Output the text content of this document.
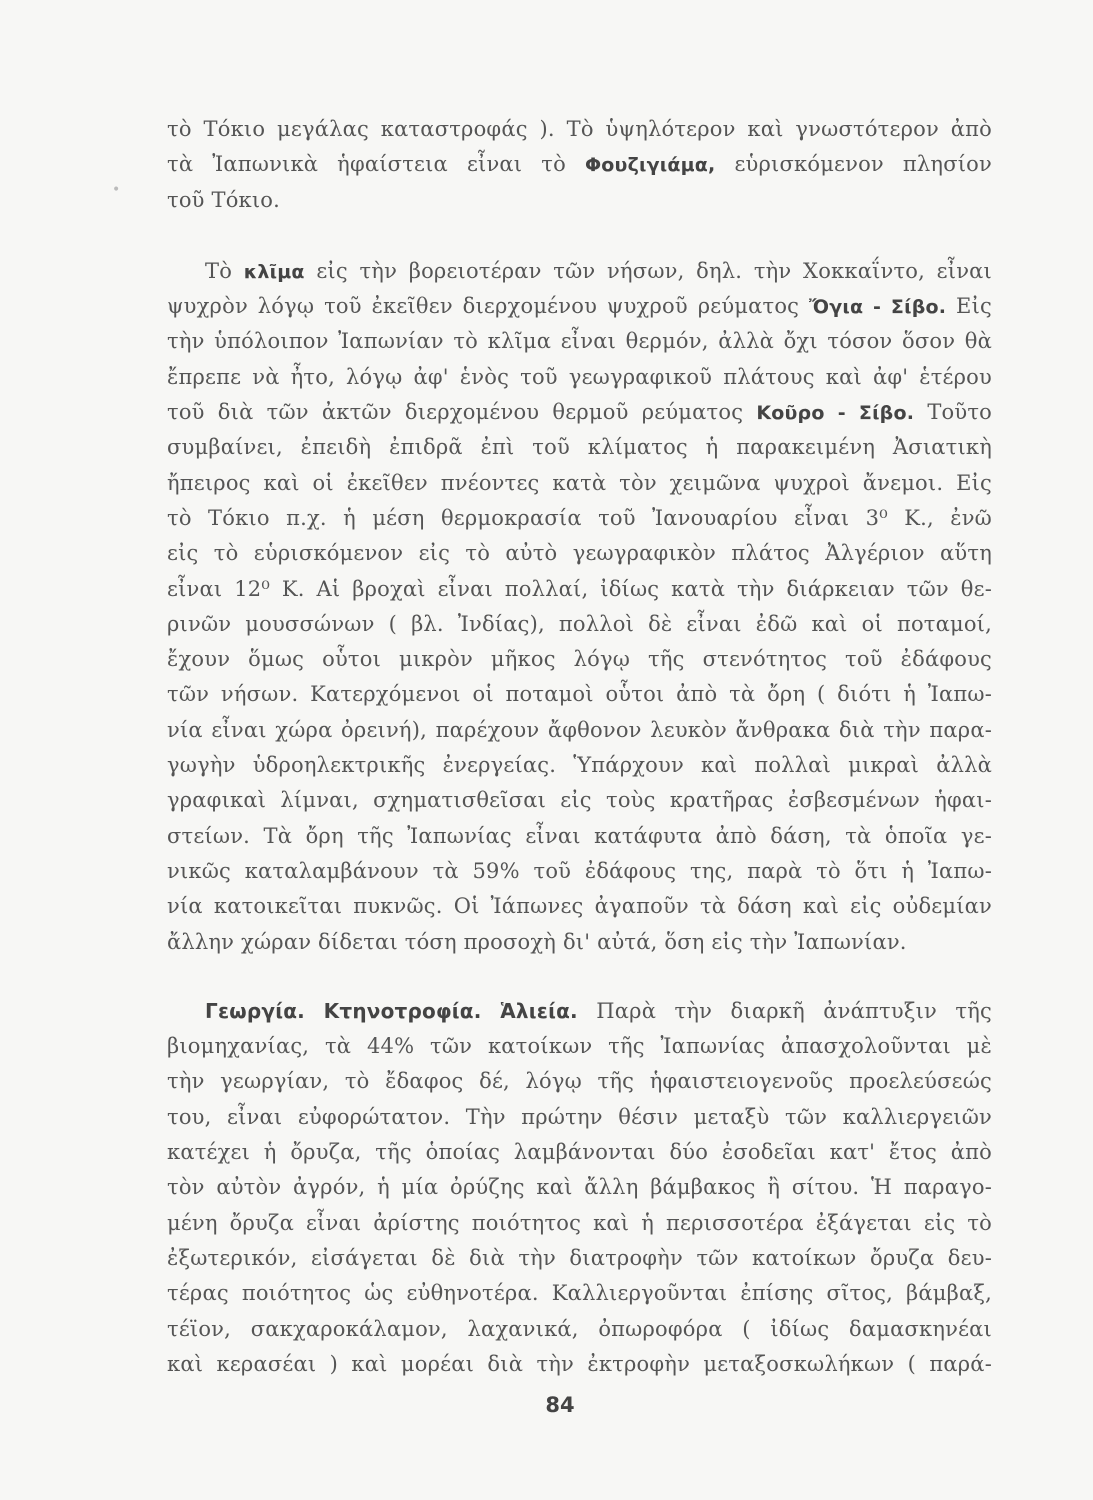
τὸ Τόκιο μεγάλας καταστροφάς ). Τὸ ὑψηλότερον καὶ γνωστότερον ἀπὸ
τὰ Ἰαπωνικὰ ἡφαίστεια εἶναι τὸ Φουζιγιάμα, εὑρισκόμενον πλησίον
τοῦ Τόκιο.
Τὸ κλῖμα εἰς τὴν βορειοτέραν τῶν νήσων, δηλ. τὴν Χοκκαΐντο, εἶναι
ψυχρὸν λόγῳ τοῦ ἐκεῖθεν διερχομένου ψυχροῦ ρεύματος Ὄγια - Σίβο. Εἰς
τὴν ὑπόλοιπον Ἰαπωνίαν τὸ κλῖμα εἶναι θερμόν, ἀλλὰ ὄχι τόσον ὅσον θὰ
ἔπρεπε νὰ ἦτο, λόγῳ ἀφ' ἑνὸς τοῦ γεωγραφικοῦ πλάτους καὶ ἀφ' ἑτέρου
τοῦ διὰ τῶν ἀκτῶν διερχομένου θερμοῦ ρεύματος Κοῦρο - Σίβο. Τοῦτο
συμβαίνει, ἐπειδὴ ἐπιδρᾶ ἐπὶ τοῦ κλίματος ἡ παρακειμένη Ἀσιατικὴ
ἤπειρος καὶ οἱ ἐκεῖθεν πνέοντες κατὰ τὸν χειμῶνα ψυχροὶ ἄνεμοι. Εἰς
τὸ Τόκιο π.χ. ἡ μέση θερμοκρασία τοῦ Ἰανουαρίου εἶναι 3⁰ Κ., ἐνῶ
εἰς τὸ εὑρισκόμενον εἰς τὸ αὐτὸ γεωγραφικὸν πλάτος Ἀλγέριον αὕτη
εἶναι 12⁰ Κ. Αἱ βροχαὶ εἶναι πολλαί, ἰδίως κατὰ τὴν διάρκειαν τῶν θε-
ρινῶν μουσσώνων ( βλ. Ἰνδίας), πολλοὶ δὲ εἶναι ἐδῶ καὶ οἱ ποταμοί,
ἔχουν ὅμως οὗτοι μικρὸν μῆκος λόγῳ τῆς στενότητος τοῦ ἐδάφους
τῶν νήσων. Κατερχόμενοι οἱ ποταμοὶ οὗτοι ἀπὸ τὰ ὄρη ( διότι ἡ Ἰαπω-
νία εἶναι χώρα ὀρεινή), παρέχουν ἄφθονον λευκὸν ἄνθρακα διὰ τὴν παρα-
γωγὴν ὑδροηλεκτρικῆς ἐνεργείας. Ὑπάρχουν καὶ πολλαὶ μικραὶ ἀλλὰ
γραφικαὶ λίμναι, σχηματισθεῖσαι εἰς τοὺς κρατῆρας ἐσβεσμένων ἡφαι-
στείων. Τὰ ὄρη τῆς Ἰαπωνίας εἶναι κατάφυτα ἀπὸ δάση, τὰ ὁποῖα γε-
νικῶς καταλαμβάνουν τὰ 59% τοῦ ἐδάφους της, παρὰ τὸ ὅτι ἡ Ἰαπω-
νία κατοικεῖται πυκνῶς. Οἱ Ἰάπωνες ἀγαποῦν τὰ δάση καὶ εἰς οὐδεμίαν
ἄλλην χώραν δίδεται τόση προσοχὴ δι' αὐτά, ὅση εἰς τὴν Ἰαπωνίαν.
Γεωργία. Κτηνοτροφία. Ἁλιεία. Παρὰ τὴν διαρκῆ ἀνάπτυξιν τῆς
βιομηχανίας, τὰ 44% τῶν κατοίκων τῆς Ἰαπωνίας ἀπασχολοῦνται μὲ
τὴν γεωργίαν, τὸ ἔδαφος δέ, λόγῳ τῆς ἡφαιστειογενοῦς προελεύσεώς
του, εἶναι εὐφορώτατον. Τὴν πρώτην θέσιν μεταξὺ τῶν καλλιεργειῶν
κατέχει ἡ ὄρυζα, τῆς ὁποίας λαμβάνονται δύο ἐσοδεῖαι κατ' ἔτος ἀπὸ
τὸν αὐτὸν ἀγρόν, ἡ μία ὀρύζης καὶ ἄλλη βάμβακος ἢ σίτου. Ἡ παραγο-
μένη ὄρυζα εἶναι ἀρίστης ποιότητος καὶ ἡ περισσοτέρα ἐξάγεται εἰς τὸ
ἐξωτερικόν, εἰσάγεται δὲ διὰ τὴν διατροφὴν τῶν κατοίκων ὄρυζα δευ-
τέρας ποιότητος ὡς εὐθηνοτέρα. Καλλιεργοῦνται ἐπίσης σῖτος, βάμβαξ,
τέϊον, σακχαροκάλαμον, λαχανικά, ὀπωροφόρα ( ἰδίως δαμασκηνέαι
καὶ κερασέαι ) καὶ μορέαι διὰ τὴν ἐκτροφὴν μεταξοσκωλήκων ( παρά-
84
•
